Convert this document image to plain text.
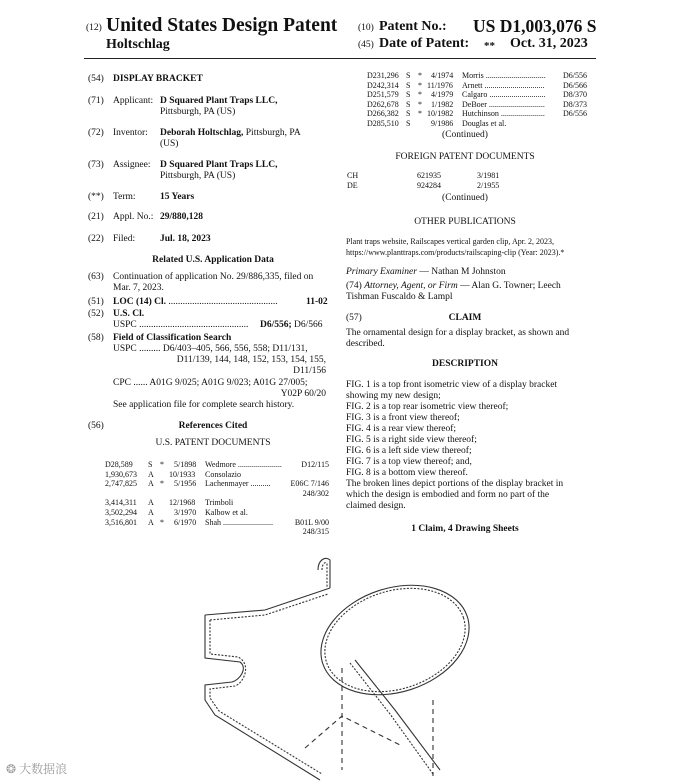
(12) United States Design Patent (10) Patent No.: US D1,003,076 S
Holtschlag	(45) Date of Patent: ** Oct. 31, 2023
(54) DISPLAY BRACKET
(71) Applicant: D Squared Plant Traps LLC,
Pittsburgh, PA (US)
(72) Inventor: Deborah Holtschlag, Pittsburgh, PA
(US)
(73) Assignee: D Squared Plant Traps LLC,
Pittsburgh, PA (US)
(**) Term:	15 Years
(21) Appl. No.: 29/880,128
(22) Filed:	Jul. 18, 2023
Related U.S. Application Data
(63) Continuation of application No. 29/886,335, filed on
Mar. 7, 2023.
(51) LOC (14) Cl. ..............................................	11-02
(52) U.S. Cl.
USPC .............................................. D6/556; D6/566
(58) Field of Classification Search
USPC ......... D6/403–405, 566, 556, 558; D11/131,
D11/139, 144, 148, 152, 153, 154, 155,
D11/156
CPC ...... A01G 9/025; A01G 9/023; A01G 27/005;
Y02P 60/20
See application file for complete search history.
(56)	References Cited
U.S. PATENT DOCUMENTS
D28,589 S * 5/1898 Wedmore ...................... D12/115
1,930,673 A 10/1933 Consolazio
2,747,825 A * 5/1956 Lachenmayer ..........	E06C 7/146
248/302
3,414,311 A 12/1968 Trimboli
3,502,294 A	3/1970 Kalbow et al.
3,516,801 A * 6/1970 Shah .........................	B01L 9/00
248/315
D231,296 S * 4/1974 Morris .............................. D6/556
D242,314 S * 11/1976 Arnett .............................. D6/566
D251,579 S * 4/1979 Calgaro ............................ D8/370
D262,678 S * 1/1982 DeBoer ............................ D8/373
D266,382 S * 10/1982 Hutchinson ...................... D6/556
D285,510 S	9/1986 Douglas et al.
(Continued)
FOREIGN PATENT DOCUMENTS
CH	621935	3/1981
DE	924284	2/1955
(Continued)
OTHER PUBLICATIONS
Plant traps website, Railscapes vertical garden clip, Apr. 2, 2023,
https://www.planttraps.com/products/railscaping-clip (Year: 2023).*
Primary Examiner — Nathan M Johnston
(74) Attorney, Agent, or Firm — Alan G. Towner; Leech
Tishman Fuscaldo & Lampl
(57)	CLAIM
The ornamental design for a display bracket, as shown and
described.
DESCRIPTION
FIG. 1 is a top front isometric view of a display bracket
showing my new design;
FIG. 2 is a top rear isometric view thereof;
FIG. 3 is a front view thereof;
FIG. 4 is a rear view thereof;
FIG. 5 is a right side view thereof;
FIG. 6 is a left side view thereof;
FIG. 7 is a top view thereof; and,
FIG. 8 is a bottom view thereof.
The broken lines depict portions of the display bracket in
which the design is embodied and form no part of the
claimed design.
1 Claim, 4 Drawing Sheets
❂ 大数据浪
